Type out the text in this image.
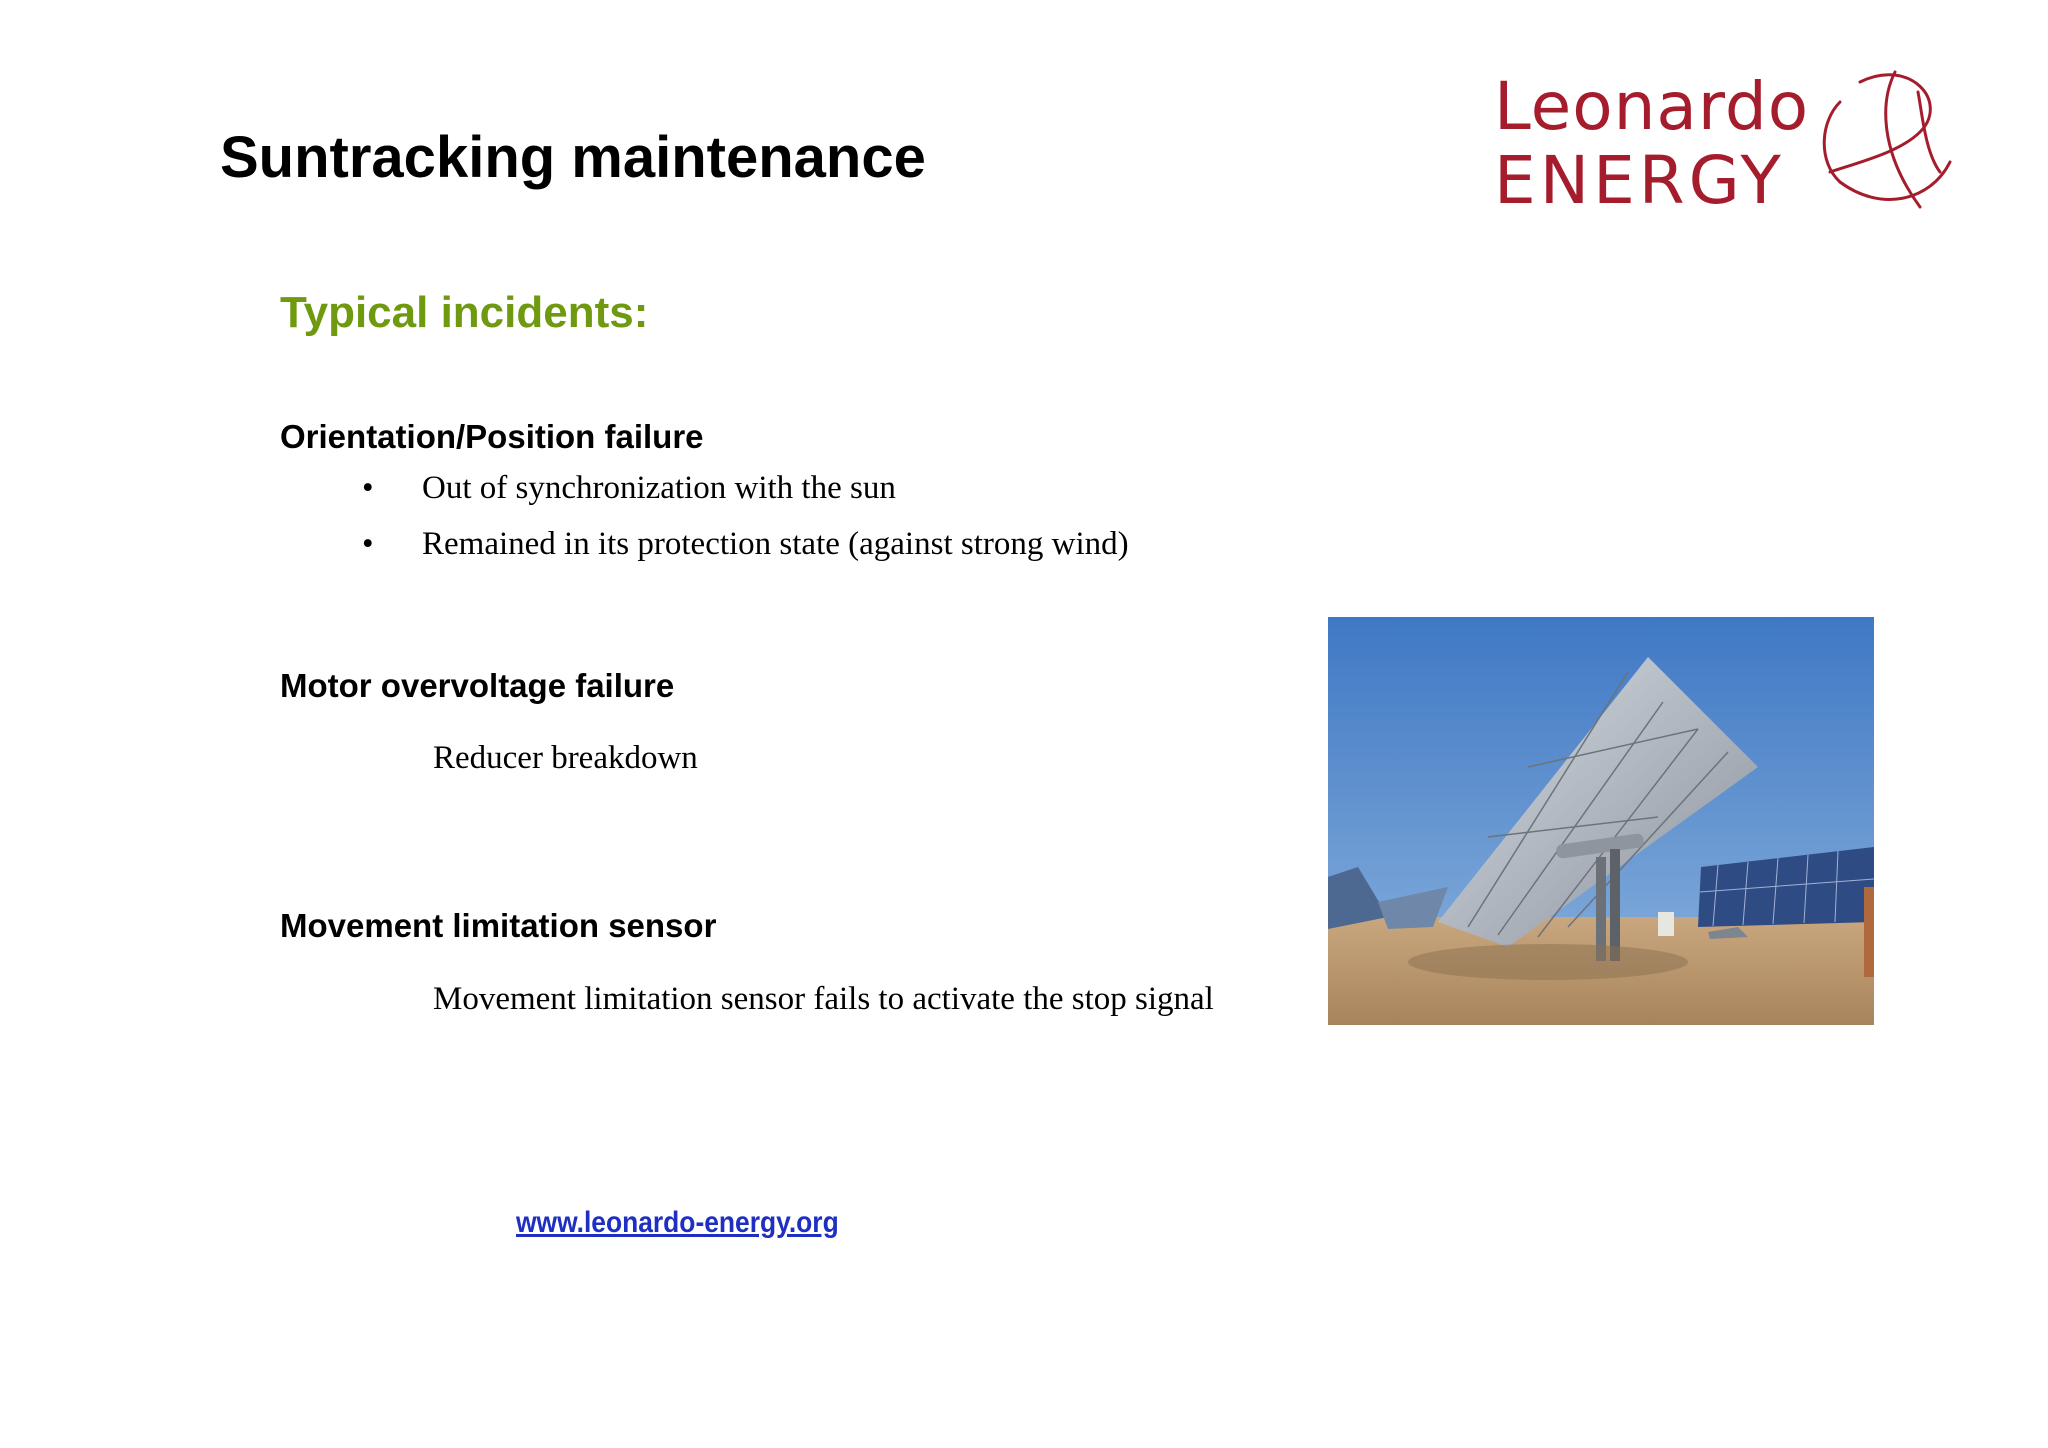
Suntracking maintenance
Leonardo
ENERGY
Typical incidents:
Orientation/Position failure
•	Out of synchronization with the sun
•	Remained in its protection state (against strong wind)
Motor overvoltage failure
Reducer breakdown
Movement limitation sensor
Movement limitation sensor fails to activate the stop signal
www.leonardo-energy.org
